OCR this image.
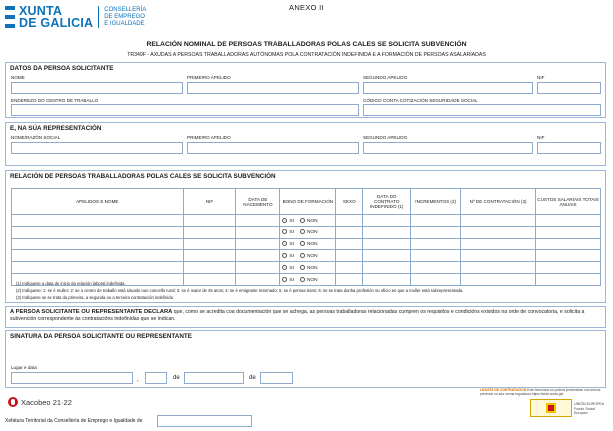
XUNTA
DE GALICIA
CONSELLERÍA
DE EMPREGO
E IGUALDADE
ANEXO II
RELACIÓN NOMINAL DE PERSOAS TRABALLADORAS POLAS CALES SE SOLICITA SUBVENCIÓN
TR349F - AXUDAS A PERSOAS TRABALLADORAS AUTÓNOMAS POLA CONTRATACIÓN INDEFINIDA E A FORMACIÓN DE PERSOAS ASALARIADAS
DATOS DA PERSOA SOLICITANTE
NOME	PRIMEIRO APELIDO	SEGUNDO APELIDO	NIF
ENDEREZO DO CENTRO DE TRABALLO	CÓDIGO CONTA COTIZACIÓN SEGURIDADE SOCIAL
E, NA SÚA REPRESENTACIÓN
NOME/RAZÓN SOCIAL	PRIMEIRO APELIDO	SEGUNDO APELIDO	NIF
RELACIÓN DE PERSOAS TRABALLADORAS POLAS CALES SE SOLICITA SUBVENCIÓN
APELIDOS E NOME	NIF	DATA DE NACEMENTO	BONO DE FORMACIÓN	SEXO	DATA DO CONTRATO INDEFINIDO (1)	INCREMENTOS (2)	Nº DE CONTRATACIÓN (3)	CUSTOS SALARIAIS TOTAIS ANUAIS
			SI NON					
			SI NON					
			SI NON					
			SI NON					
			SI NON					
			SI NON					
(1) Indíquese a data de inicio da relación laboral indefinida.
(2) Indíquese: 1: se é muller; 2: se o centro de traballo está situado nun concello rural; 3: se é maior de 45 anos; 4: se é emigrante retornado; 5: se é persoa trans; 6: se se trata dunha profesión ou oficio en que a muller está subrepresentada.
(3) Indíquese se se trata da primeira, a segunda ou a terceira contratación indefinida
A PERSOA SOLICITANTE OU REPRESENTANTE DECLARA que, como se acredita coa documentación que se achega, as persoas traballadoras relacionadas cumpren os requisitos e condicións exixidos na orde de convocatoria, e solicita a subvención correspondente ás contratacións indefinidas que se indican.
SINATURA DA PERSOA SOLICITANTE OU REPRESENTANTE
Lugar e data
,	de	de
Xacobeo 21·22
LEXISTA DE CONTRATACIÓN Este formulario só poderá presentarse nos termos previstos na súa norma reguladora https://sede.xunta.gal
UNIÓN EUROPEA
Fondo Social Europeo
Xefatura Territorial da Consellería de Emprego e Igualdade de
